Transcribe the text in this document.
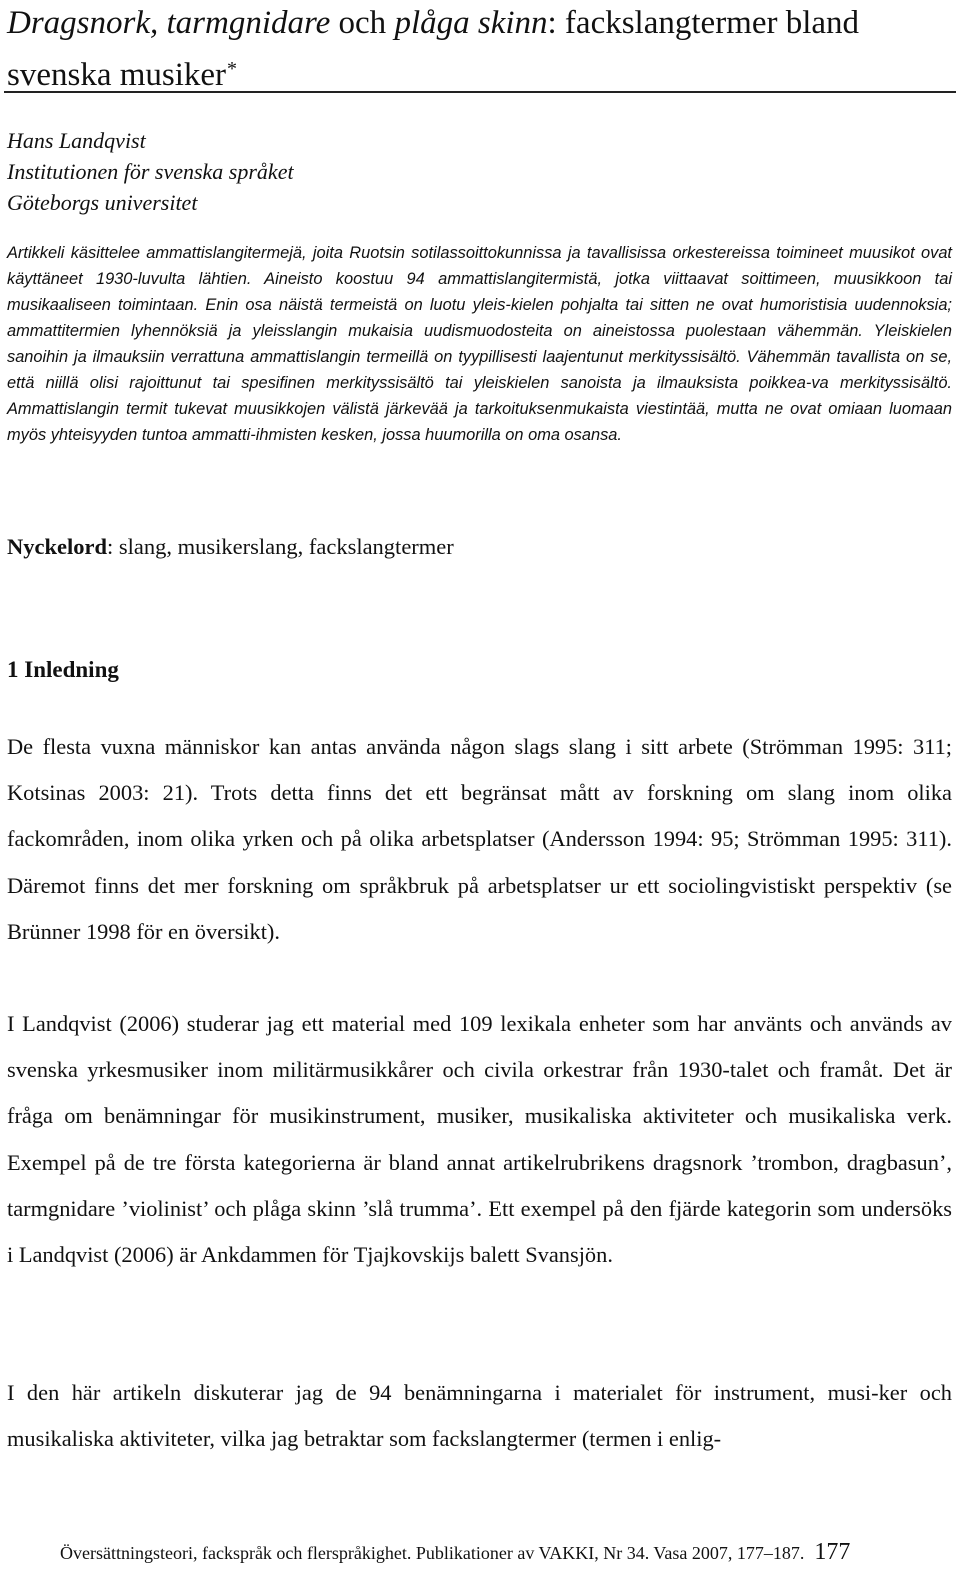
Dragsnork, tarmgnidare och plåga skinn: fackslangtermer bland svenska musiker*
Hans Landqvist
Institutionen för svenska språket
Göteborgs universitet

Artikkeli käsittelee ammattislangitermejä, joita Ruotsin sotilassoittokunnissa ja tavallisissa orkestereissa toimineet muusikot ovat käyttäneet 1930-luvulta lähtien. Aineisto koostuu 94 ammattislangitermistä, jotka viittaavat soittimeen, muusikkoon tai musikaaliseen toimintaan. Enin osa näistä termeistä on luotu yleis-kielen pohjalta tai sitten ne ovat humoristisia uudennoksia; ammattitermien lyhennöksiä ja yleisslangin mukaisia uudismuodosteita on aineistossa puolestaan vähemmän. Yleiskielen sanoihin ja ilmauksiin verrattuna ammattislangin termeillä on tyypillisesti laajentunut merkityssisältö. Vähemmän tavallista on se, että niillä olisi rajoittunut tai spesifinen merkityssisältö tai yleiskielen sanoista ja ilmauksista poikkea-va merkityssisältö. Ammattislangin termit tukevat muusikkojen välistä järkevää ja tarkoituksenmukaista viestintää, mutta ne ovat omiaan luomaan myös yhteisyyden tuntoa ammatti-ihmisten kesken, jossa huumorilla on oma osansa.

Nyckelord: slang, musikerslang, fackslangtermer
1 Inledning

De flesta vuxna människor kan antas använda någon slags slang i sitt arbete (Strömman 1995: 311; Kotsinas 2003: 21). Trots detta finns det ett begränsat mått av forskning om slang inom olika fackområden, inom olika yrken och på olika arbetsplatser (Andersson 1994: 95; Strömman 1995: 311). Däremot finns det mer forskning om språkbruk på arbetsplatser ur ett sociolingvistiskt perspektiv (se Brünner 1998 för en översikt).

I Landqvist (2006) studerar jag ett material med 109 lexikala enheter som har använts och används av svenska yrkesmusiker inom militärmusikkårer och civila orkestrar från 1930-talet och framåt. Det är fråga om benämningar för musikinstrument, musiker, musikaliska aktiviteter och musikaliska verk. Exempel på de tre första kategorierna är bland annat artikelrubrikens dragsnork ’trombon, dragbasun’, tarmgnidare ’violinist’ och plåga skinn ’slå trumma’. Ett exempel på den fjärde kategorin som undersöks i Landqvist (2006) är Ankdammen för Tjajkovskijs balett Svansjön.

I den här artikeln diskuterar jag de 94 benämningarna i materialet för instrument, musi-ker och musikaliska aktiviteter, vilka jag betraktar som fackslangtermer (termen i enlig-

Översättningsteori, fackspråk och flerspråkighet. Publikationer av VAKKI, Nr 34. Vasa 2007, 177–187. 177
